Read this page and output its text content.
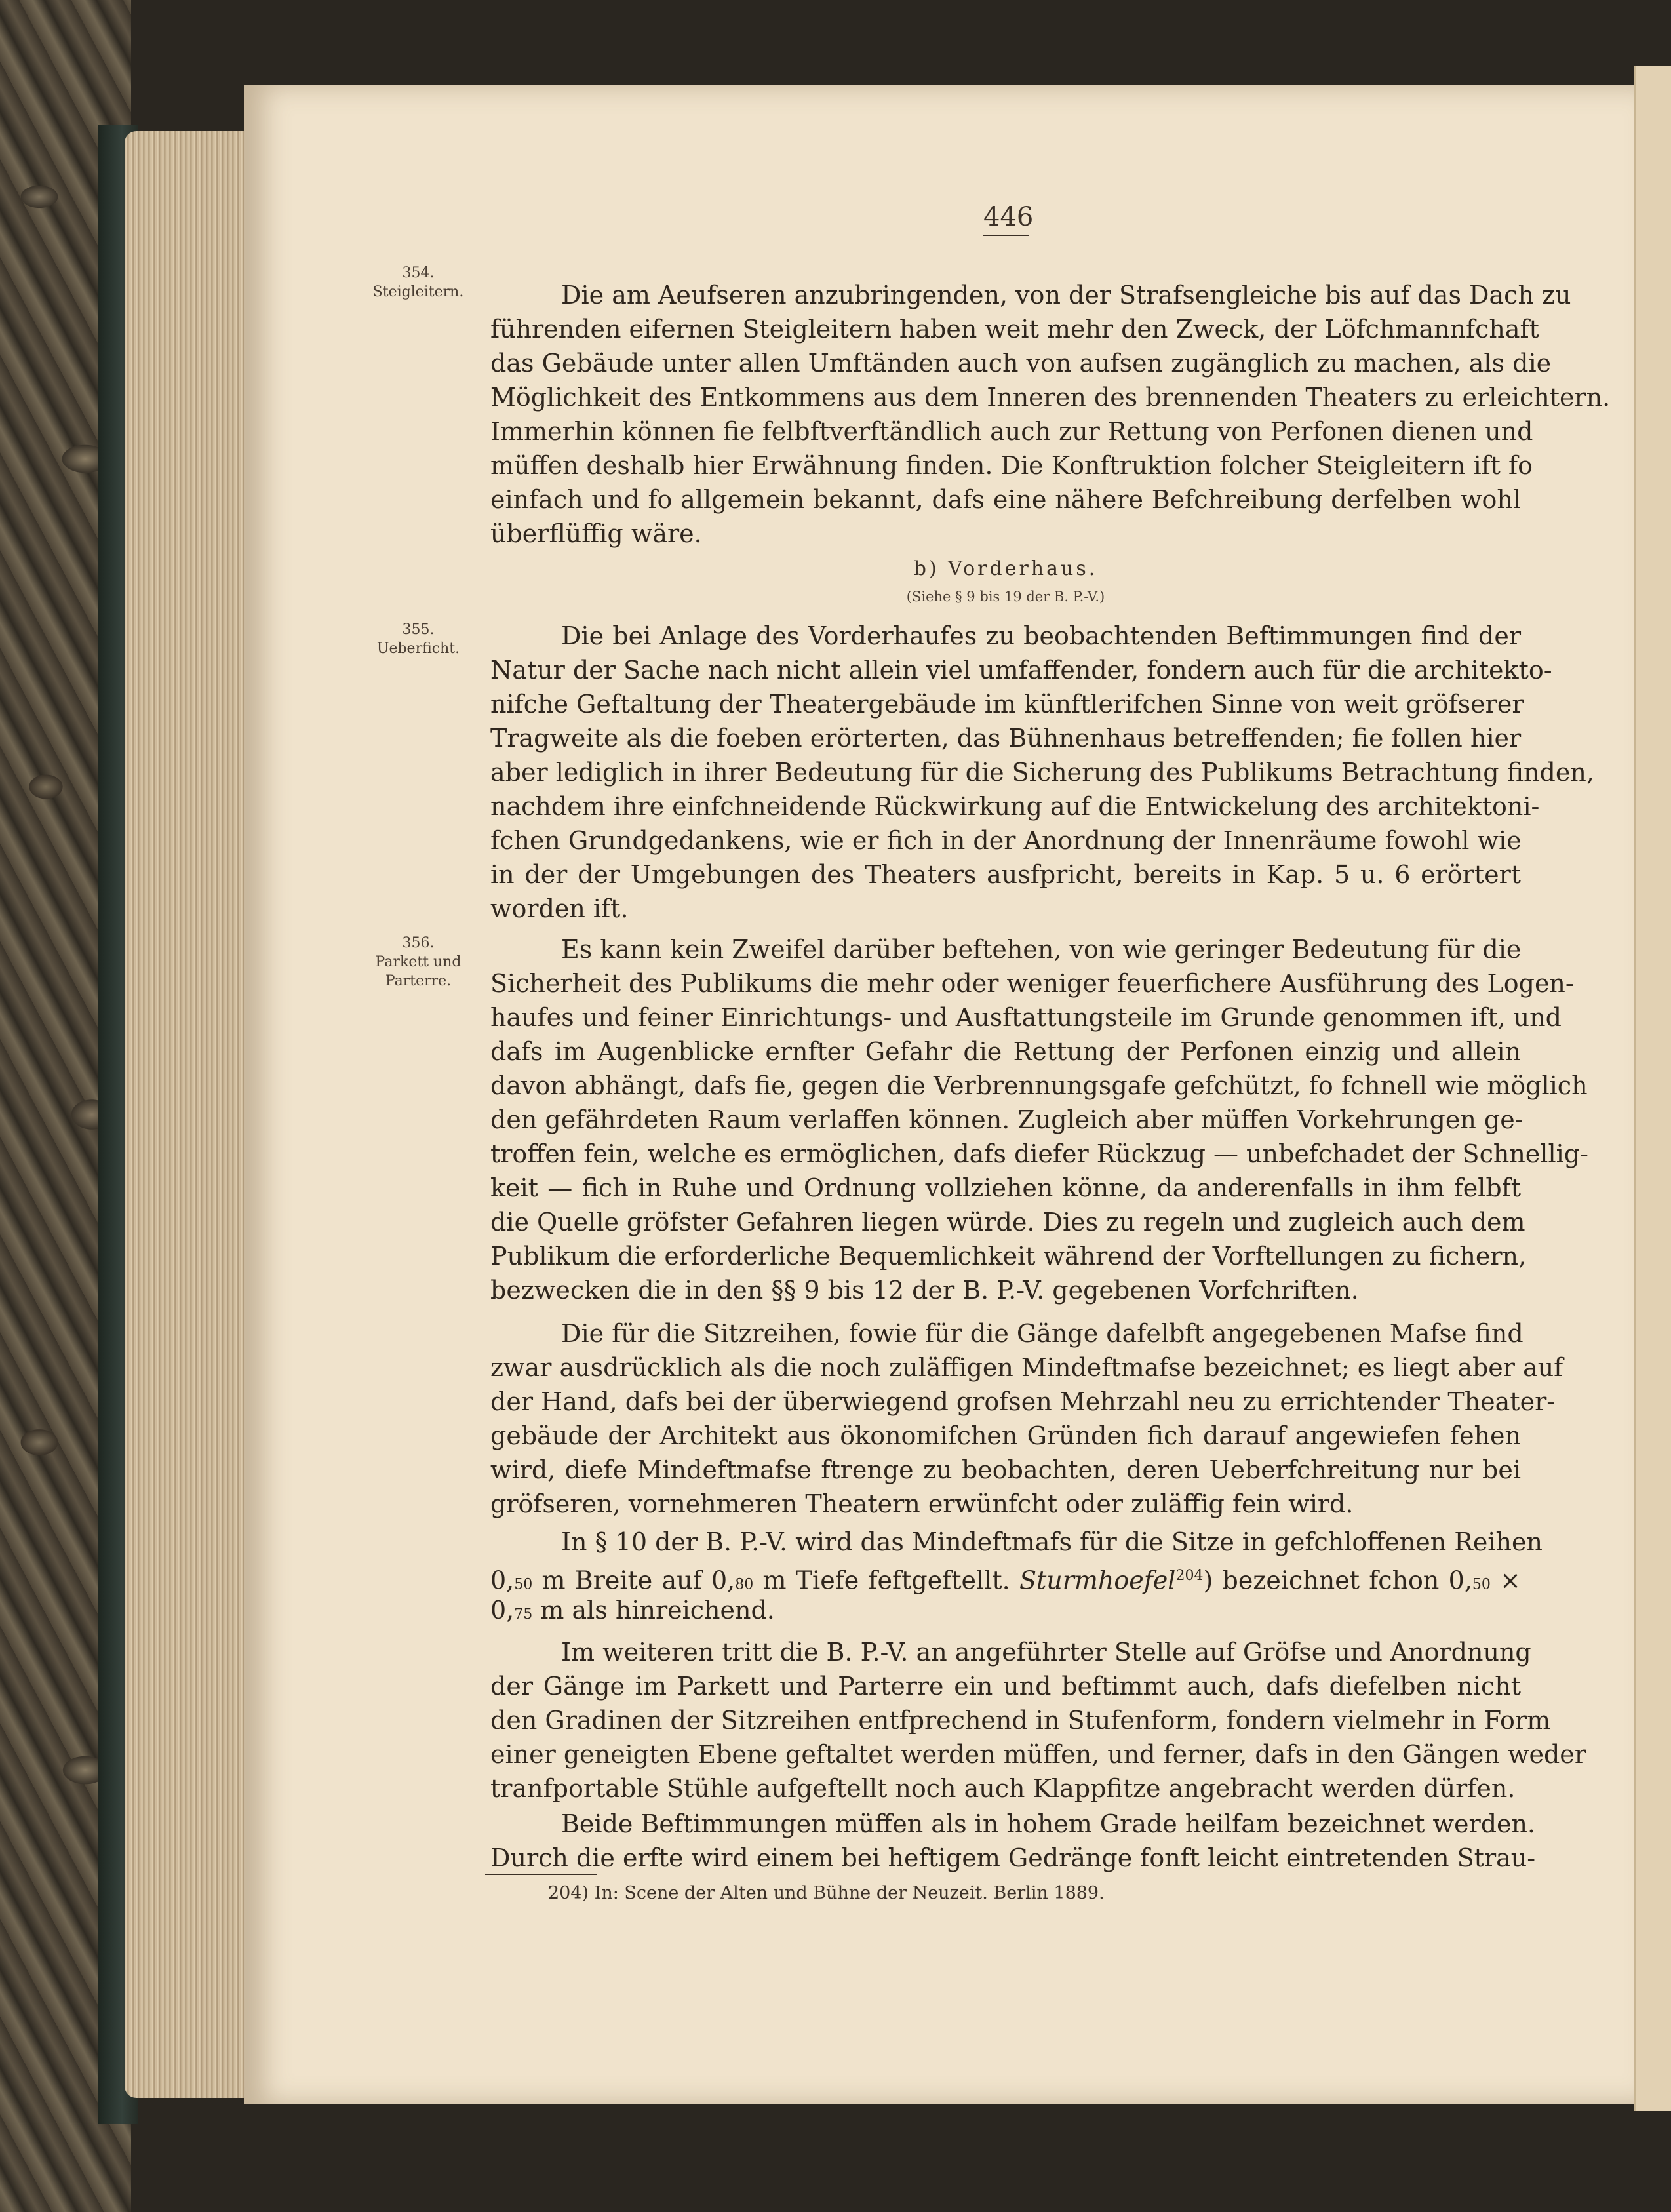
446
354.
Steigleitern.
355.
Ueberficht.
356.
Parkett und Parterre.
Die am Aeufseren anzubringenden, von der Strafsengleiche bis auf das Dach zu
führenden eifernen Steigleitern haben weit mehr den Zweck, der Löfchmannfchaft
das Gebäude unter allen Umftänden auch von aufsen zugänglich zu machen, als die
Möglichkeit des Entkommens aus dem Inneren des brennenden Theaters zu erleichtern.
Immerhin können fie felbftverftändlich auch zur Rettung von Perfonen dienen und
müffen deshalb hier Erwähnung finden. Die Konftruktion folcher Steigleitern ift fo
einfach und fo allgemein bekannt, dafs eine nähere Befchreibung derfelben wohl
überflüffig wäre.
b) Vorderhaus.
(Siehe § 9 bis 19 der B. P.-V.)
Die bei Anlage des Vorderhaufes zu beobachtenden Beftimmungen find der
Natur der Sache nach nicht allein viel umfaffender, fondern auch für die architekto-
nifche Geftaltung der Theatergebäude im künftlerifchen Sinne von weit gröfserer
Tragweite als die foeben erörterten, das Bühnenhaus betreffenden; fie follen hier
aber lediglich in ihrer Bedeutung für die Sicherung des Publikums Betrachtung finden,
nachdem ihre einfchneidende Rückwirkung auf die Entwickelung des architektoni-
fchen Grundgedankens, wie er fich in der Anordnung der Innenräume fowohl wie
in der der Umgebungen des Theaters ausfpricht, bereits in Kap. 5 u. 6 erörtert
worden ift.
Es kann kein Zweifel darüber beftehen, von wie geringer Bedeutung für die
Sicherheit des Publikums die mehr oder weniger feuerfichere Ausführung des Logen-
haufes und feiner Einrichtungs- und Ausftattungsteile im Grunde genommen ift, und
dafs im Augenblicke ernfter Gefahr die Rettung der Perfonen einzig und allein
davon abhängt, dafs fie, gegen die Verbrennungsgafe gefchützt, fo fchnell wie möglich
den gefährdeten Raum verlaffen können. Zugleich aber müffen Vorkehrungen ge-
troffen fein, welche es ermöglichen, dafs diefer Rückzug — unbefchadet der Schnellig-
keit — fich in Ruhe und Ordnung vollziehen könne, da anderenfalls in ihm felbft
die Quelle gröfster Gefahren liegen würde. Dies zu regeln und zugleich auch dem
Publikum die erforderliche Bequemlichkeit während der Vorftellungen zu fichern,
bezwecken die in den §§ 9 bis 12 der B. P.-V. gegebenen Vorfchriften.
Die für die Sitzreihen, fowie für die Gänge dafelbft angegebenen Mafse find
zwar ausdrücklich als die noch zuläffigen Mindeftmafse bezeichnet; es liegt aber auf
der Hand, dafs bei der überwiegend grofsen Mehrzahl neu zu errichtender Theater-
gebäude der Architekt aus ökonomifchen Gründen fich darauf angewiefen fehen
wird, diefe Mindeftmafse ftrenge zu beobachten, deren Ueberfchreitung nur bei
gröfseren, vornehmeren Theatern erwünfcht oder zuläffig fein wird.
In § 10 der B. P.-V. wird das Mindeftmafs für die Sitze in gefchloffenen Reihen
0,50 m Breite auf 0,80 m Tiefe feftgeftellt. Sturmhoefel$^{204}$) bezeichnet fchon 0,50 ×
0,75 m als hinreichend.
Im weiteren tritt die B. P.-V. an angeführter Stelle auf Gröfse und Anordnung
der Gänge im Parkett und Parterre ein und beftimmt auch, dafs diefelben nicht
den Gradinen der Sitzreihen entfprechend in Stufenform, fondern vielmehr in Form
einer geneigten Ebene geftaltet werden müffen, und ferner, dafs in den Gängen weder
tranfportable Stühle aufgeftellt noch auch Klappfitze angebracht werden dürfen.
Beide Beftimmungen müffen als in hohem Grade heilfam bezeichnet werden.
Durch die erfte wird einem bei heftigem Gedränge fonft leicht eintretenden Strau-
204) In: Scene der Alten und Bühne der Neuzeit. Berlin 1889.
